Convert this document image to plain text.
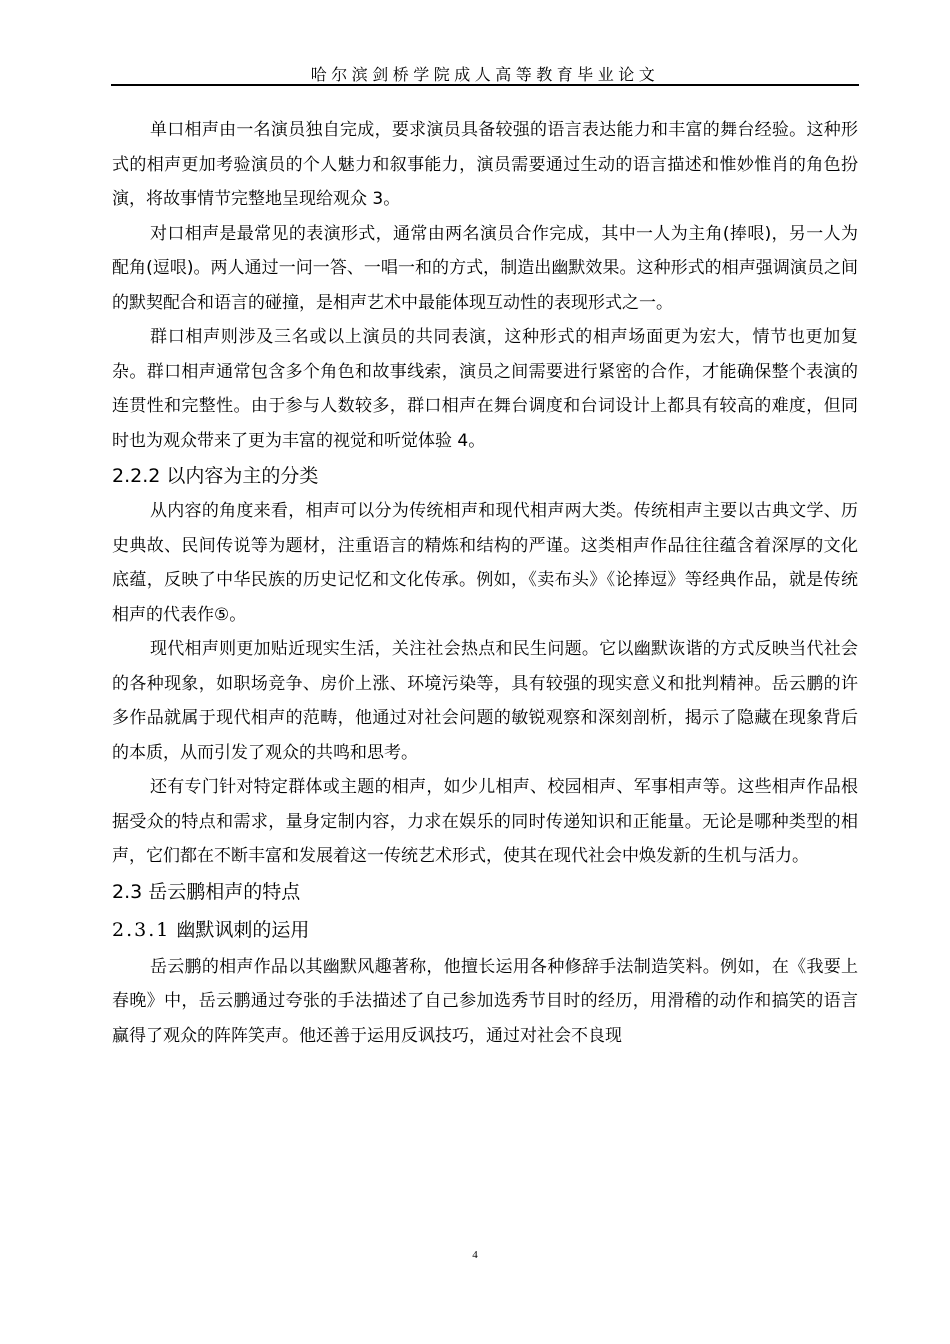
哈尔滨剑桥学院成人高等教育毕业论文

单口相声由一名演员独自完成，要求演员具备较强的语言表达能力和丰富的舞台经验。这种形式的相声更加考验演员的个人魅力和叙事能力，演员需要通过生动的语言描述和惟妙惟肖的角色扮演，将故事情节完整地呈现给观众 3。

对口相声是最常见的表演形式，通常由两名演员合作完成，其中一人为主角(捧哏)，另一人为配角(逗哏)。两人通过一问一答、一唱一和的方式，制造出幽默效果。这种形式的相声强调演员之间的默契配合和语言的碰撞，是相声艺术中最能体现互动性的表现形式之一。

群口相声则涉及三名或以上演员的共同表演，这种形式的相声场面更为宏大，情节也更加复杂。群口相声通常包含多个角色和故事线索，演员之间需要进行紧密的合作，才能确保整个表演的连贯性和完整性。由于参与人数较多，群口相声在舞台调度和台词设计上都具有较高的难度，但同时也为观众带来了更为丰富的视觉和听觉体验 4。

2.2.2 以内容为主的分类

从内容的角度来看，相声可以分为传统相声和现代相声两大类。传统相声主要以古典文学、历史典故、民间传说等为题材，注重语言的精炼和结构的严谨。这类相声作品往往蕴含着深厚的文化底蕴，反映了中华民族的历史记忆和文化传承。例如，《卖布头》《论捧逗》等经典作品，就是传统相声的代表作⑤。

现代相声则更加贴近现实生活，关注社会热点和民生问题。它以幽默诙谐的方式反映当代社会的各种现象，如职场竞争、房价上涨、环境污染等，具有较强的现实意义和批判精神。岳云鹏的许多作品就属于现代相声的范畴，他通过对社会问题的敏锐观察和深刻剖析，揭示了隐藏在现象背后的本质，从而引发了观众的共鸣和思考。

还有专门针对特定群体或主题的相声，如少儿相声、校园相声、军事相声等。这些相声作品根据受众的特点和需求，量身定制内容，力求在娱乐的同时传递知识和正能量。无论是哪种类型的相声，它们都在不断丰富和发展着这一传统艺术形式，使其在现代社会中焕发新的生机与活力。

2.3 岳云鹏相声的特点

2.3.1 幽默讽刺的运用

岳云鹏的相声作品以其幽默风趣著称，他擅长运用各种修辞手法制造笑料。例如，在《我要上春晚》中，岳云鹏通过夸张的手法描述了自己参加选秀节目时的经历，用滑稽的动作和搞笑的语言赢得了观众的阵阵笑声。他还善于运用反讽技巧，通过对社会不良现

4
